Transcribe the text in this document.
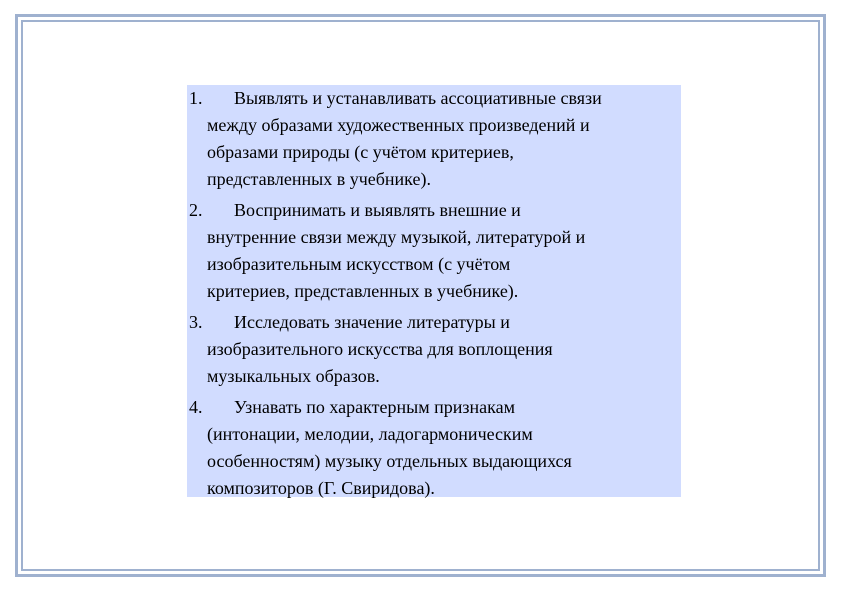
1.	Выявлять и устанавливать ассоциативные связи
между образами художественных произведений и
образами природы (с учётом критериев,
представленных в учебнике).
2.	Воспринимать и выявлять внешние и
внутренние связи между музыкой, литературой и
изобразительным искусством (с учётом
критериев, представленных в учебнике).
3.	Исследовать значение литературы и
изобразительного искусства для воплощения
музыкальных образов.
4.	Узнавать по характерным признакам
(интонации, мелодии, ладогармоническим
особенностям) музыку отдельных выдающихся
композиторов (Г. Свиридова).
